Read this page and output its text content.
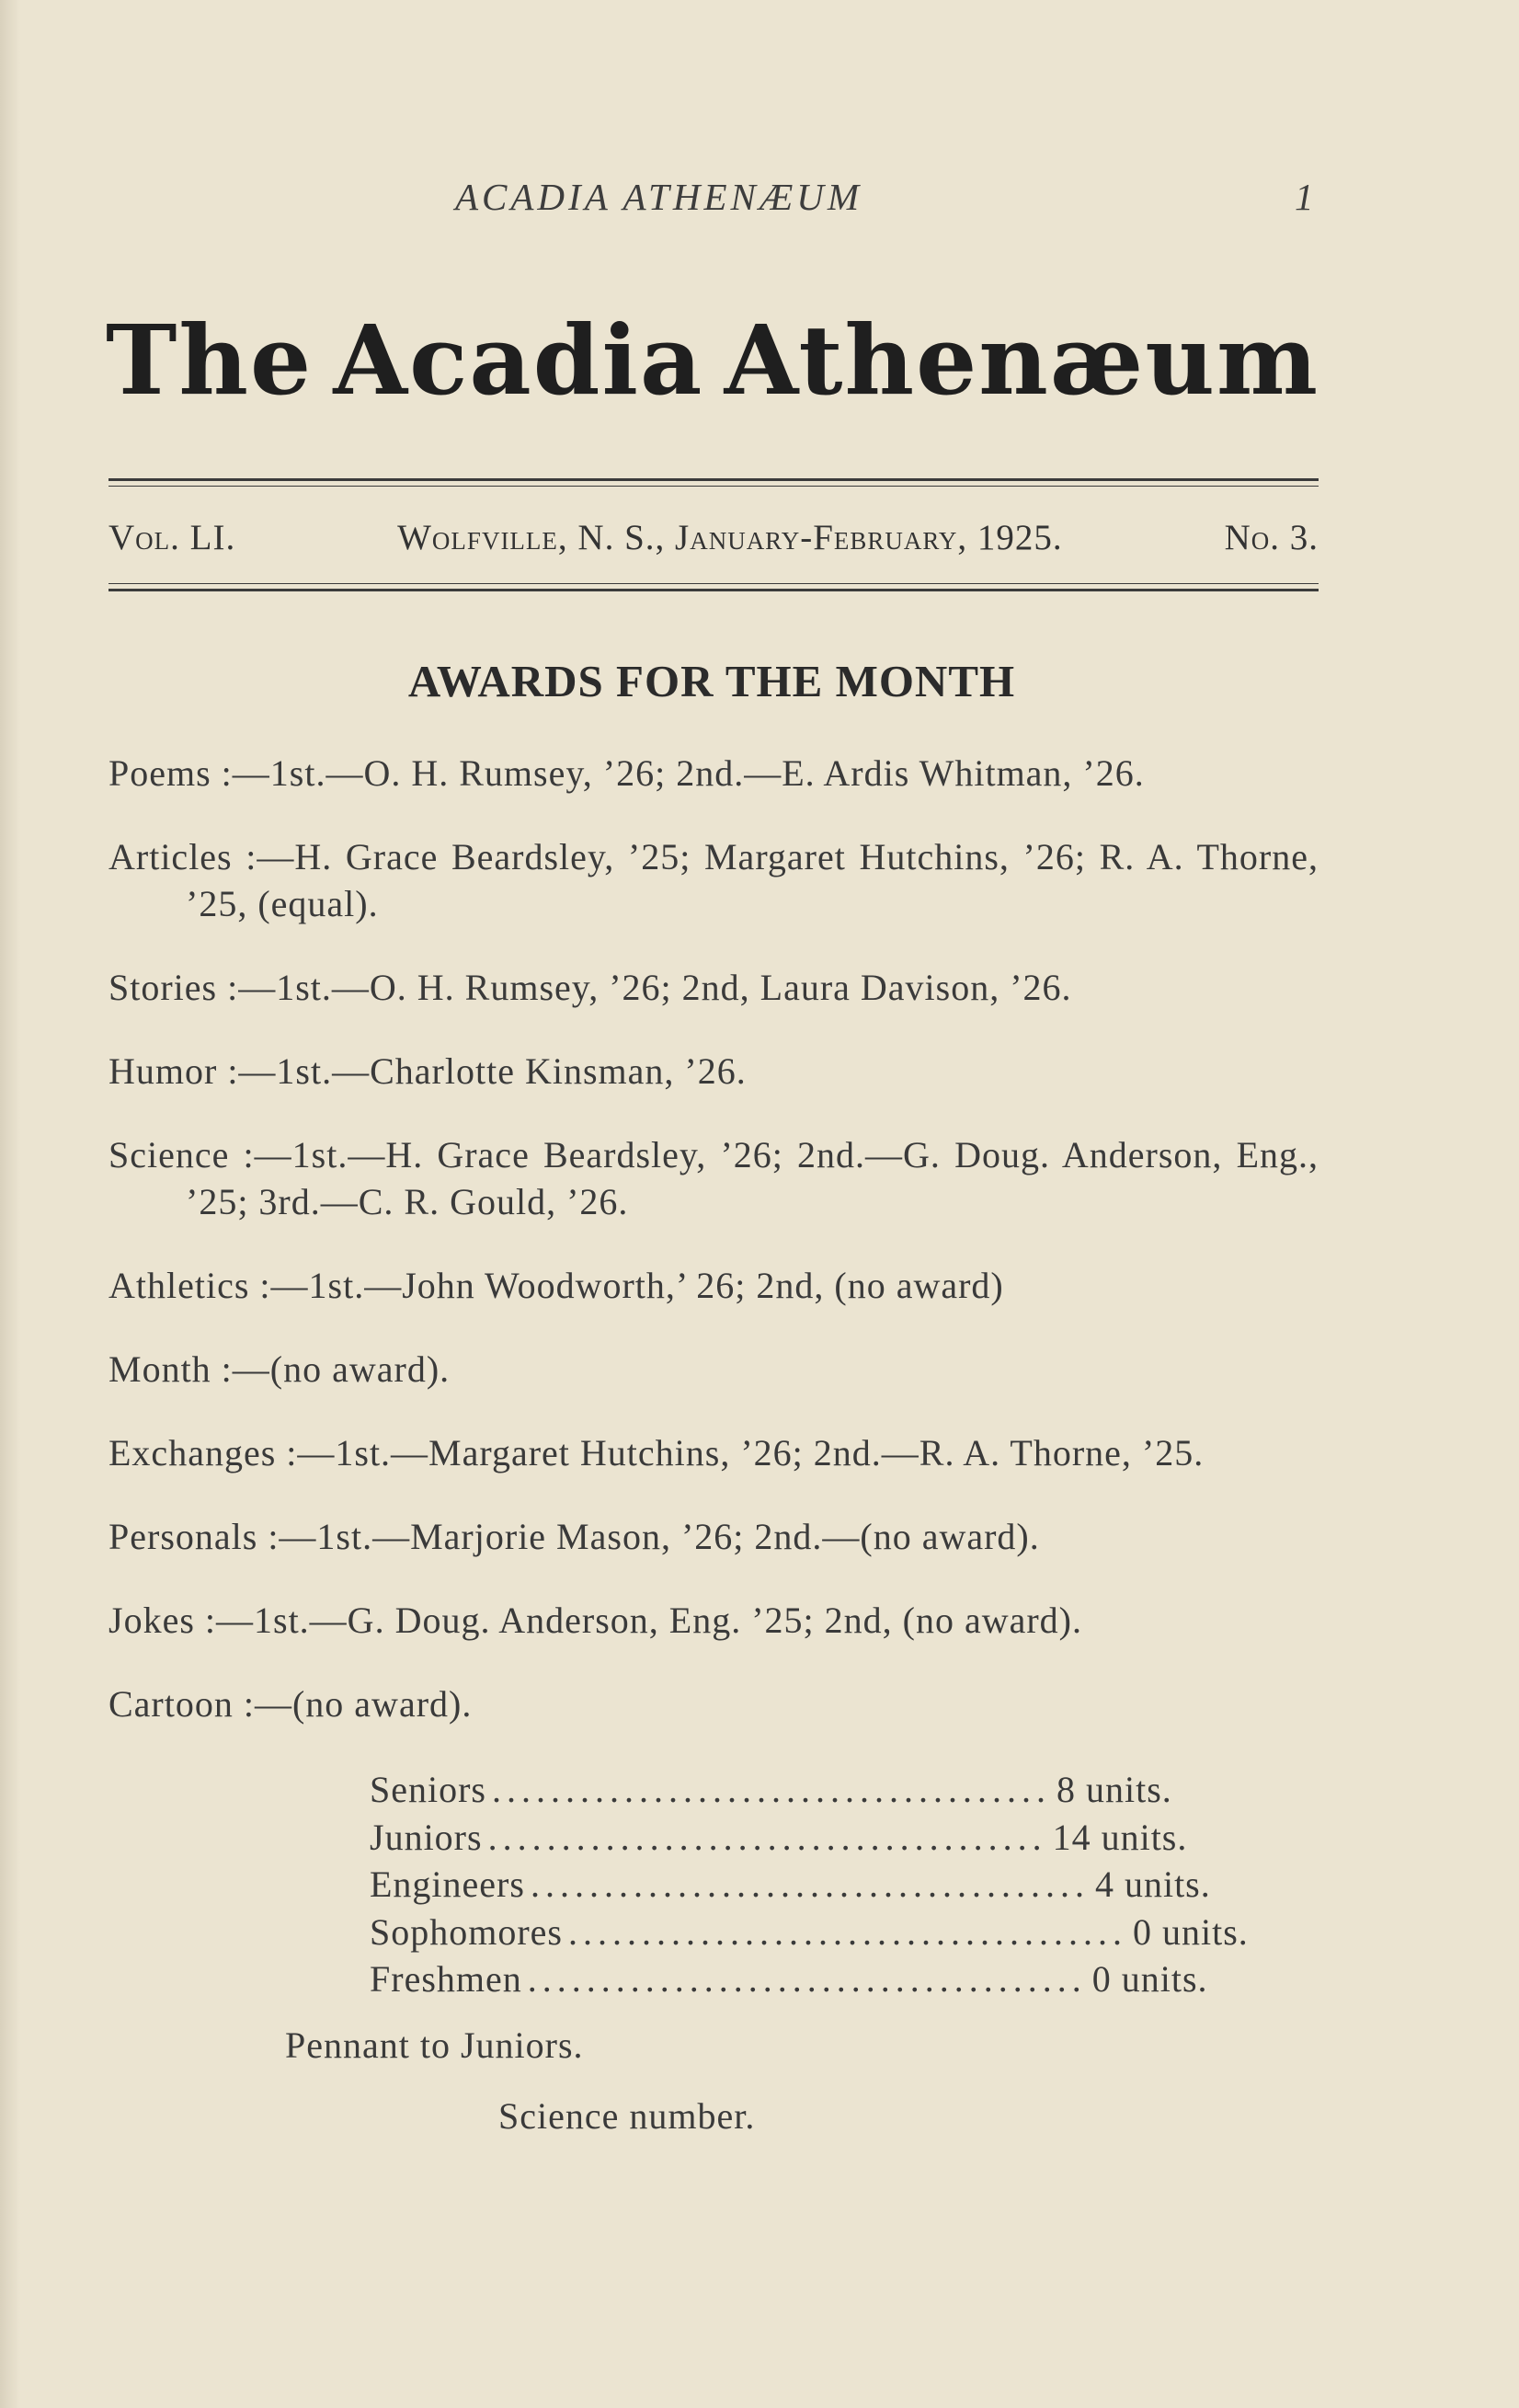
ACADIA ATHENÆUM	1
The Acadia Athenæum
Vol. LI.	Wolfville, N. S., January-February, 1925.	No. 3.
AWARDS FOR THE MONTH

Poems :—1st.—O. H. Rumsey, ’26; 2nd.—E. Ardis Whitman, ’26.

Articles :—H. Grace Beardsley, ’25; Margaret Hutchins, ’26; R. A. Thorne, ’25, (equal).

Stories :—1st.—O. H. Rumsey, ’26; 2nd, Laura Davison, ’26.

Humor :—1st.—Charlotte Kinsman, ’26.

Science :—1st.—H. Grace Beardsley, ’26; 2nd.—G. Doug. Anderson, Eng., ’25; 3rd.—C. R. Gould, ’26.

Athletics :—1st.—John Woodworth,’ 26; 2nd, (no award)

Month :—(no award).

Exchanges :—1st.—Margaret Hutchins, ’26; 2nd.—R. A. Thorne, ’25.

Personals :—1st.—Marjorie Mason, ’26; 2nd.—(no award).

Jokes :—1st.—G. Doug. Anderson, Eng. ’25; 2nd, (no award).

Cartoon :—(no award).

Seniors ...................................... 8 units.
Juniors ...................................... 14 units.
Engineers ...................................... 4 units.
Sophomores ...................................... 0 units.
Freshmen ...................................... 0 units.
Pennant to Juniors.
Science number.
